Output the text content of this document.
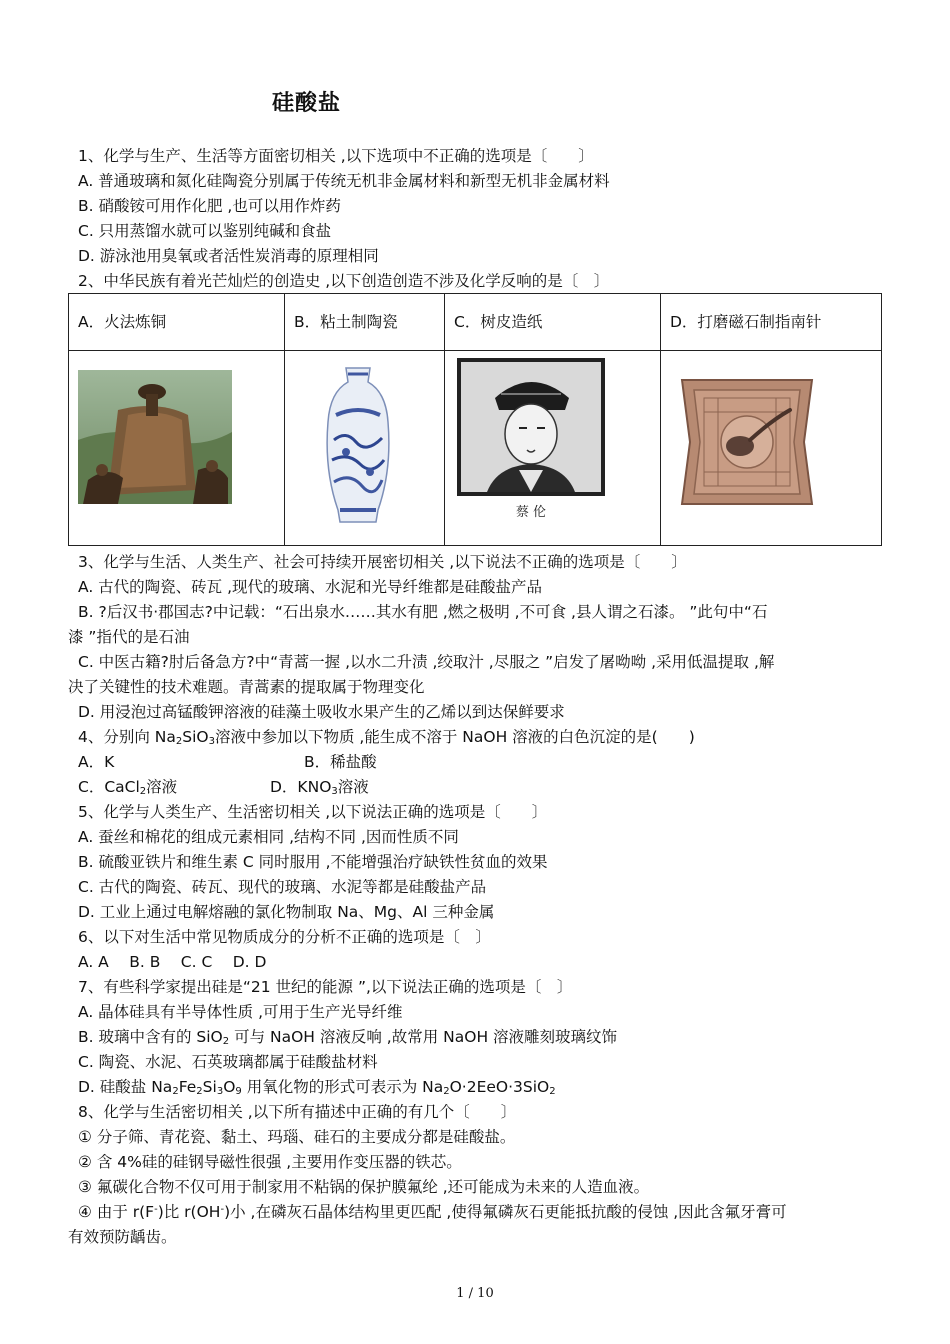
硅酸盐
1、化学与生产、生活等方面密切相关 ,以下选项中不正确的选项是〔　　〕
A. 普通玻璃和氮化硅陶瓷分别属于传统无机非金属材料和新型无机非金属材料
B. 硝酸铵可用作化肥 ,也可以用作炸药
C. 只用蒸馏水就可以鉴别纯碱和食盐
D. 游泳池用臭氧或者活性炭消毒的原理相同
2、中华民族有着光芒灿烂的创造史 ,以下创造创造不涉及化学反响的是〔　〕
A．火法炼铜	B．粘土制陶瓷	C．树皮造纸	D．打磨磁石制指南针
蔡 伦
3、化学与生活、人类生产、社会可持续开展密切相关 ,以下说法不正确的选项是〔　　〕
A. 古代的陶瓷、砖瓦 ,现代的玻璃、水泥和光导纤维都是硅酸盐产品
B. ?后汉书·郡国志?中记载：“石出泉水……其水有肥 ,燃之极明 ,不可食 ,县人谓之石漆。 ”此句中“石
漆 ”指代的是石油
C. 中医古籍?肘后备急方?中“青蒿一握 ,以水二升渍 ,绞取汁 ,尽服之 ”启发了屠呦呦 ,采用低温提取 ,解
决了关键性的技术难题。青蒿素的提取属于物理变化
D. 用浸泡过高锰酸钾溶液的硅藻土吸收水果产生的乙烯以到达保鲜要求
4、分别向 $Na_2SiO_3$溶液中参加以下物质 ,能生成不溶于 NaOH 溶液的白色沉淀的是(　　)
A．K	B．稀盐酸
C．CaCl$_2$溶液	D．$KNO_3$溶液
5、化学与人类生产、生活密切相关 ,以下说法正确的选项是〔　　〕
A. 蚕丝和棉花的组成元素相同 ,结构不同 ,因而性质不同
B. 硫酸亚铁片和维生素 C 同时服用 ,不能增强治疗缺铁性贫血的效果
C. 古代的陶瓷、砖瓦、现代的玻璃、水泥等都是硅酸盐产品
D. 工业上通过电解熔融的氯化物制取 Na、Mg、Al 三种金属
6、以下对生活中常见物质成分的分析不正确的选项是〔　〕
A. A　 B. B　 C. C　 D. D
7、有些科学家提出硅是“21 世纪的能源 ”,以下说法正确的选项是〔　〕
A. 晶体硅具有半导体性质 ,可用于生产光导纤维
B. 玻璃中含有的 SiO$_2$ 可与 NaOH 溶液反响 ,故常用 NaOH 溶液雕刻玻璃纹饰
C. 陶瓷、水泥、石英玻璃都属于硅酸盐材料
D. 硅酸盐 $Na_2Fe_2Si_3O_9$ 用氧化物的形式可表示为 $Na_2O\cdot 2EeO\cdot 3SiO_2$
8、化学与生活密切相关 ,以下所有描述中正确的有几个〔　　〕
① 分子筛、青花瓷、黏土、玛瑙、硅石的主要成分都是硅酸盐。
② 含 4%硅的硅钢导磁性很强 ,主要用作变压器的铁芯。
③ 氟碳化合物不仅可用于制家用不粘锅的保护膜氟纶 ,还可能成为未来的人造血液。
④ 由于 r(F-)比 r(OH-)小 ,在磷灰石晶体结构里更匹配 ,使得氟磷灰石更能抵抗酸的侵蚀 ,因此含氟牙膏可
有效预防龋齿。
1 / 10
